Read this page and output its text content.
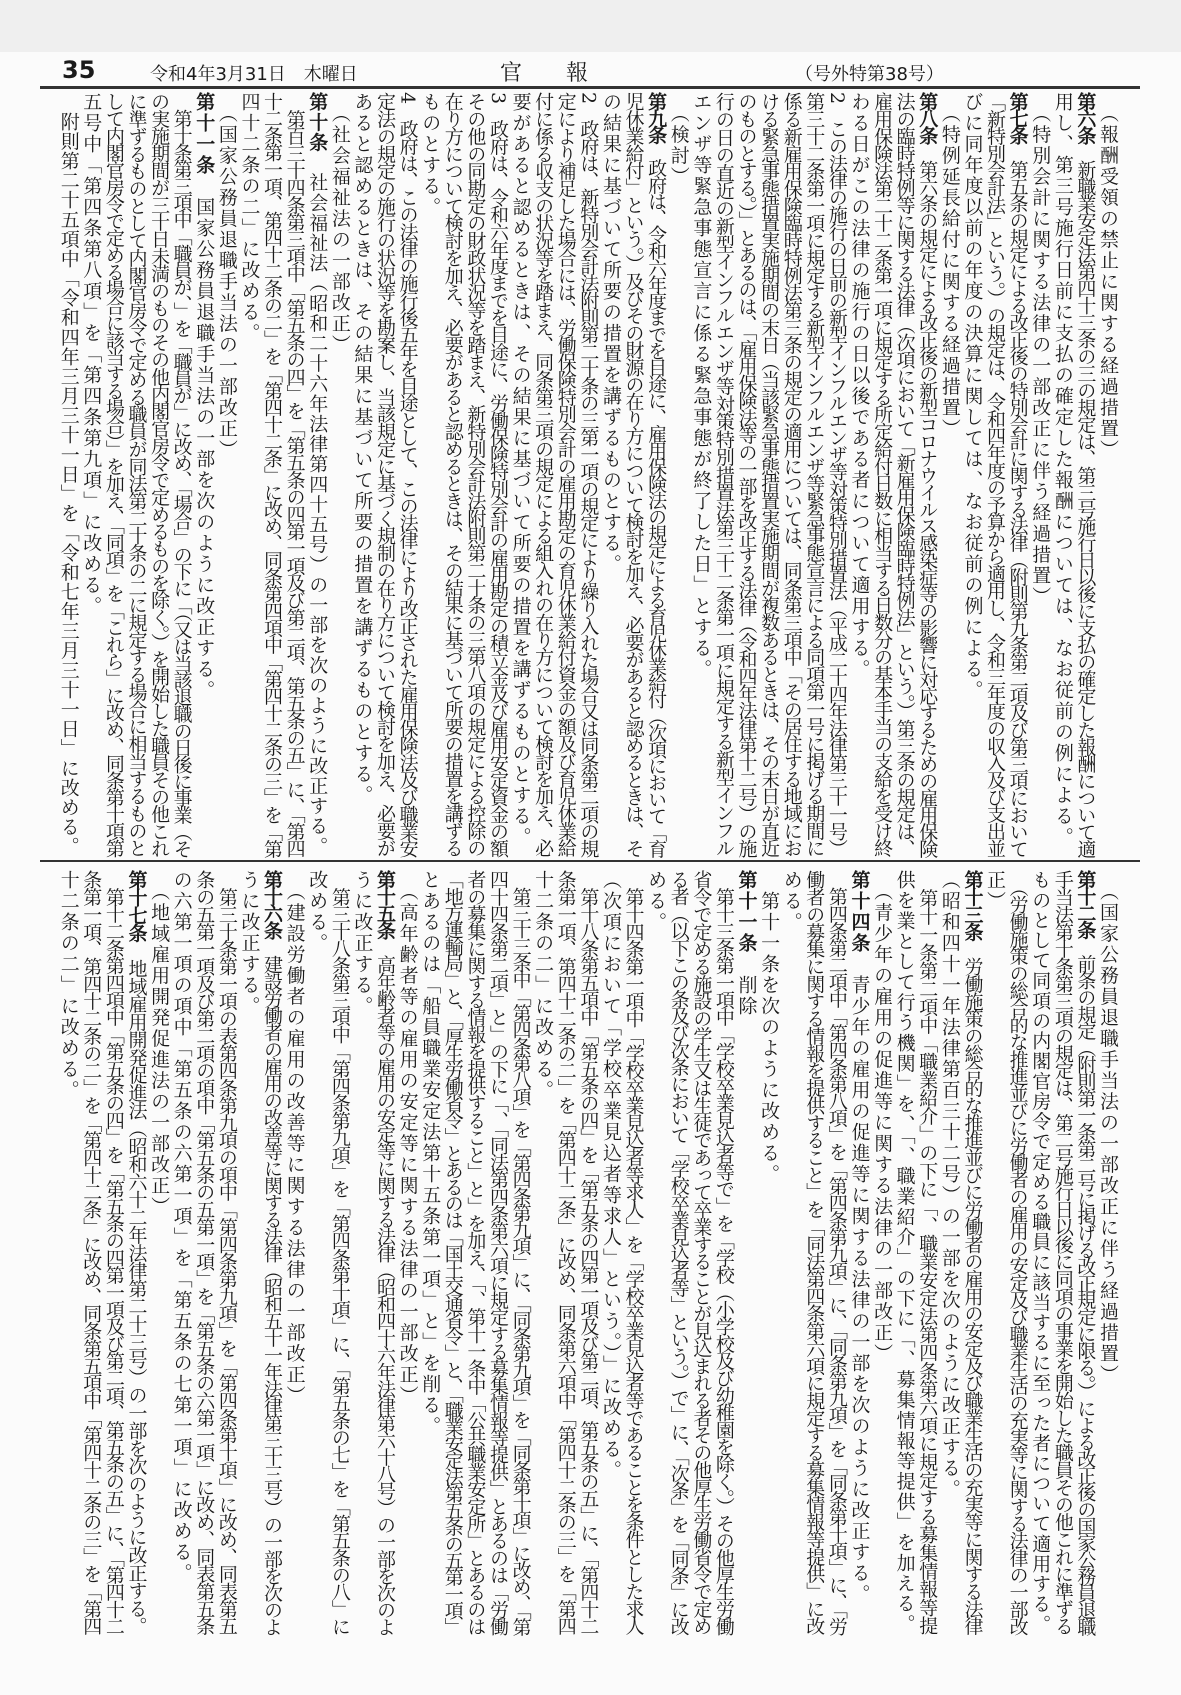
35	令和4年3月31日　木曜日	官報	（号外特第38号）
　（報酬受領の禁止に関する経過措置）
第六条　新職業安定法第四十三条の三の規定は、第三号施行日以後に支払の確定した報酬について適
用し、第三号施行日前に支払の確定した報酬については、なお従前の例による。
　（特別会計に関する法律の一部改正に伴う経過措置）
第七条　第五条の規定による改正後の特別会計に関する法律（附則第九条第二項及び第三項において
「新特別会計法」という。）の規定は、令和四年度の予算から適用し、令和三年度の収入及び支出並
びに同年度以前の年度の決算に関しては、なお従前の例による。
　（特例延長給付に関する経過措置）
第八条　第六条の規定による改正後の新型コロナウイルス感染症等の影響に対応するための雇用保険
法の臨時特例等に関する法律（次項において「新雇用保険臨時特例法」という。）第三条の規定は、
雇用保険法第二十二条第一項に規定する所定給付日数に相当する日数分の基本手当の支給を受け終
わる日がこの法律の施行の日以後である者について適用する。
2　この法律の施行の日前の新型インフルエンザ等対策特別措置法（平成二十四年法律第三十一号）
第三十二条第一項に規定する新型インフルエンザ等緊急事態宣言による同項第一号に掲げる期間に
係る新雇用保険臨時特例法第三条の規定の適用については、同条第三項中「その居住する地域にお
ける緊急事態措置実施期間の末日（当該緊急事態措置実施期間が複数あるときは、その末日が直近
のものとする。）」とあるのは、「雇用保険法等の一部を改正する法律（令和四年法律第十二号）の施
行の日の直近の新型インフルエンザ等対策特別措置法第三十二条第一項に規定する新型インフル
エンザ等緊急事態宣言に係る緊急事態が終了した日」とする。
　（検討）
第九条　政府は、令和六年度までを目途に、雇用保険法の規定による育児休業給付（次項において「育
児休業給付」という。）及びその財源の在り方について検討を加え、必要があると認めるときは、そ
の結果に基づいて所要の措置を講ずるものとする。
2　政府は、新特別会計法附則第二十条の三第一項の規定により繰り入れた場合又は同条第二項の規
定により補足した場合には、労働保険特別会計の雇用勘定の育児休業給付資金の額及び育児休業給
付に係る収支の状況等を踏まえ、同条第三項の規定による組入れの在り方について検討を加え、必
要があると認めるときは、その結果に基づいて所要の措置を講ずるものとする。
3　政府は、令和六年度までを目途に、労働保険特別会計の雇用勘定の積立金及び雇用安定資金の額
その他の同勘定の財政状況等を踏まえ、新特別会計法附則第二十条の三第八項の規定による控除の
在り方について検討を加え、必要があると認めるときは、その結果に基づいて所要の措置を講ずる
ものとする。
4　政府は、この法律の施行後五年を目途として、この法律により改正された雇用保険法及び職業安
定法の規定の施行の状況等を勘案し、当該規定に基づく規制の在り方について検討を加え、必要が
あると認めるときは、その結果に基づいて所要の措置を講ずるものとする。
　（社会福祉法の一部改正）
第十条　社会福祉法（昭和二十六年法律第四十五号）の一部を次のように改正する。
　第百三十四条第三項中「第五条の四」を「第五条の四第一項及び第二項、第五条の五」に、「第四
十二条第一項、第四十二条の二」を「第四十二条」に改め、同条第四項中「第四十二条の三」を「第
四十二条の二」に改める。
　（国家公務員退職手当法の一部改正）
第十一条　国家公務員退職手当法の一部を次のように改正する。
　第十条第三項中「職員が、」を「職員が」に改め、「場合」の下に「（又は当該退職の日後に事業（そ
の実施期間が三十日未満のものその他内閣官房令で定めるものを除く。）を開始した職員その他これ
に準ずるものとして内閣官房令で定める職員が同法第二十条の二に規定する場合に相当するものと
して内閣官房令で定める場合に該当する場合）」を加え、「同項」を「これら」に改め、同条第十項第
五号中「第四条第八項」を「第四条第九項」に改める。
　附則第二十五項中「令和四年三月三十一日」を「令和七年三月三十一日」に改める。
　（国家公務員退職手当法の一部改正に伴う経過措置）
第十二条　前条の規定（附則第一条第二号に掲げる改正規定に限る。）による改正後の国家公務員退職
手当法第十条第三項の規定は、第二号施行日以後に同項の事業を開始した職員その他これに準ずる
ものとして同項の内閣官房令で定める職員に該当するに至った者について適用する。
　（労働施策の総合的な推進並びに労働者の雇用の安定及び職業生活の充実等に関する法律の一部改
正）
第十三条　労働施策の総合的な推進並びに労働者の雇用の安定及び職業生活の充実等に関する法律
（昭和四十一年法律第百三十二号）の一部を次のように改正する。
　第十一条第二項中「職業紹介」の下に「、職業安定法第四条第六項に規定する募集情報等提
供を業として行う機関」を、「、職業紹介」の下に「、募集情報等提供」を加える。
　（青少年の雇用の促進等に関する法律の一部改正）
第十四条　青少年の雇用の促進等に関する法律の一部を次のように改正する。
　第四条第二項中「第四条第八項」を「第四条第九項」に、「同条第九項」を「同条第十項」に、「労
働者の募集に関する情報を提供すること」を「同法第四条第六項に規定する募集情報等提供」に改
める。
　第十一条を次のように改める。
第十一条　削除
　第十三条第一項中「学校卒業見込者等で」を「学校（小学校及び幼稚園を除く。）その他厚生労働
省令で定める施設の学生又は生徒であって卒業することが見込まれる者その他厚生労働省令で定め
る者（以下この条及び次条において「学校卒業見込者等」という。）で」に、「次条」を「同条」に改
める。
　第十四条第一項中「学校卒業見込者等求人」を「学校卒業見込者等であることを条件とした求人
（次項において「学校卒業見込者等求人」という。）」に改める。
　第十八条第五項中「第五条の四」を「第五条の四第一項及び第二項、第五条の五」に、「第四十二
条第一項、第四十二条の二」を「第四十二条」に改め、同条第六項中「第四十二条の三」を「第四
十二条の二」に改める。
　第三十三条中「第四条第八項」を「第四条第九項」に、「同条第九項」を「同条第十項」に改め、「第
四十四条第二項」と」の下に「、「同法第四条第六項に規定する募集情報等提供」とあるのは「労働
者の募集に関する情報を提供すること」と」を加え、「、第十一条中「公共職業安定所」とあるのは
「地方運輸局」と、「厚生労働省令」とあるのは「国土交通省令」と、「職業安定法第五条の五第一項」
とあるのは「船員職業安定法第十五条第一項」と」を削る。
　（高年齢者等の雇用の安定等に関する法律の一部改正）
第十五条　高年齢者等の雇用の安定等に関する法律（昭和四十六年法律第六十八号）の一部を次のよ
うに改正する。
　第三十八条第三項中「第四条第九項」を「第四条第十項」に、「第五条の七」を「第五条の八」に
改める。
　（建設労働者の雇用の改善等に関する法律の一部改正）
第十六条　建設労働者の雇用の改善等に関する法律（昭和五十一年法律第三十三号）の一部を次のよ
うに改正する。
　第三十条第一項の表第四条第九項の項中「第四条第九項」を「第四条第十項」に改め、同表第五
条の五第一項及び第二項の項中「第五条の五第一項」を「第五条の六第一項」に改め、同表第五条
の六第一項の項中「第五条の六第一項」を「第五条の七第一項」に改める。
　（地域雇用開発促進法の一部改正）
第十七条　地域雇用開発促進法（昭和六十二年法律第二十三号）の一部を次のように改正する。
　第十二条第四項中「第五条の四」を「第五条の四第一項及び第二項、第五条の五」に、「第四十二
条第一項、第四十二条の二」を「第四十二条」に改め、同条第五項中「第四十二条の三」を「第四
十二条の二」に改める。
